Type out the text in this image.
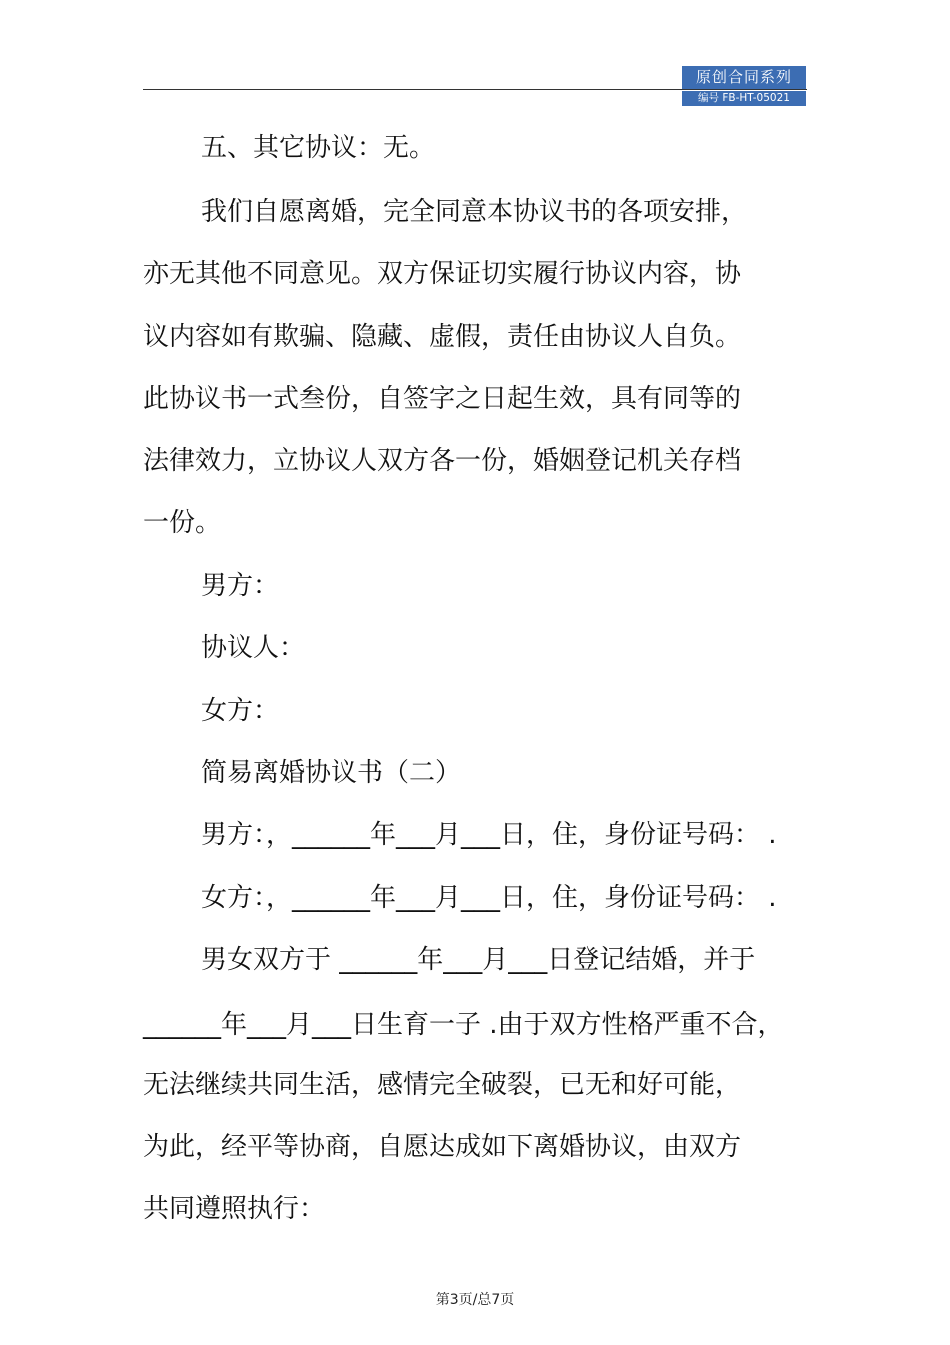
原创合同系列
编号 FB-HT-05021
五、其它协议：无。
我们自愿离婚，完全同意本协议书的各项安排，
亦无其他不同意见。双方保证切实履行协议内容，协
议内容如有欺骗、隐藏、虚假，责任由协议人自负。
此协议书一式叁份，自签字之日起生效，具有同等的
法律效力，立协议人双方各一份，婚姻登记机关存档
一份。
男方：
协议人：
女方：
简易离婚协议书（二）
男方：，______年___月___日，住，身份证号码： .
女方：，______年___月___日，住，身份证号码： .
男女双方于 ______年___月___日登记结婚，并于
______年___月___日生育一子 .由于双方性格严重不合，
无法继续共同生活，感情完全破裂，已无和好可能，
为此，经平等协商，自愿达成如下离婚协议，由双方
共同遵照执行：
第3页/总7页
